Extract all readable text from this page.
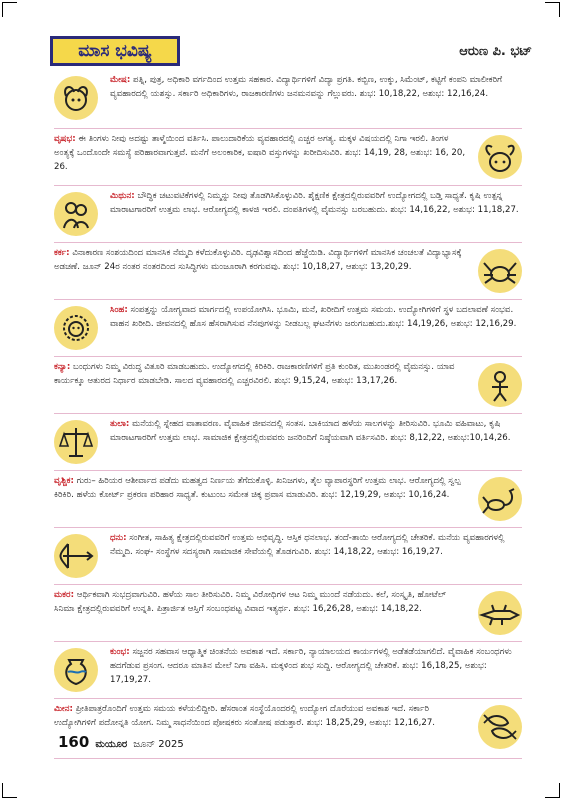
ಮಾಸ ಭವಿಷ್ಯ	ಆರುಣ ಪಿ. ಭಟ್

ಮೇಷ: ಪತ್ನಿ, ಪುತ್ರ, ಅಧಿಕಾರಿ ವರ್ಗದಿಂದ ಉತ್ತಮ ಸಹಕಾರ. ವಿದ್ಯಾರ್ಥಿಗಳಿಗೆ ವಿದ್ಯಾ ಪ್ರಗತಿ. ಕಬ್ಬಿಣ, ಉಕ್ಕು, ಸಿಮೆಂಟ್, ಕಟ್ಟಿಗೆ ಕಂಪನಿ ಮಾಲೀಕರಿಗೆ ವ್ಯವಹಾರದಲ್ಲಿ ಯಶಸ್ಸು. ಸರ್ಕಾರಿ ಅಧಿಕಾರಿಗಳು, ರಾಜಕಾರಣಿಗಳು ಜನಮನವನ್ನು ಗೆಲ್ಲುವರು. ಶುಭ: 10,18,22, ಅಶುಭ: 12,16,24.

ವೃಷಭ: ಈ ತಿಂಗಳು ನೀವು ಅದಷ್ಟು ತಾಳ್ಮೆಯಿಂದ ವರ್ತಿಸಿ. ಪಾಲುದಾರಿಕೆಯ ವ್ಯವಹಾರದಲ್ಲಿ ಎಚ್ಚರ ಅಗತ್ಯ. ಮಕ್ಕಳ ವಿಷಯದಲ್ಲಿ ನಿಗಾ ಇರಲಿ. ತಿಂಗಳ ಅಂತ್ಯಕ್ಕೆ ಒಂದೊಂದೇ ಸಮಸ್ಯೆ ಪರಿಹಾರವಾಗುತ್ತವೆ. ಮನೆಗೆ ಅಲಂಕಾರಿಕ, ಐಷಾರಿ ವಸ್ತುಗಳನ್ನು ಖರೀದಿಸುವಿರಿ. ಶುಭ: 14,19, 28, ಅಶುಭ: 16, 20, 26.

ಮಿಥುನ: ಬೌದ್ಧಿಕ ಚಟುವಟಿಕೆಗಳಲ್ಲಿ ನಿಮ್ಮನ್ನು ನೀವು ತೊಡಗಿಸಿಕೊಳ್ಳುವಿರಿ. ಶೈಕ್ಷಣಿಕ ಕ್ಷೇತ್ರದಲ್ಲಿರುವವರಿಗೆ ಉದ್ಯೋಗದಲ್ಲಿ ಬಡ್ತಿ ಸಾಧ್ಯತೆ. ಕೃಷಿ ಉತ್ಪನ್ನ ಮಾರಾಟಗಾರರಿಗೆ ಉತ್ತಮ ಲಾಭ. ಆರೋಗ್ಯದಲ್ಲಿ ಕಾಳಜಿ ಇರಲಿ. ದಂಪತಿಗಳಲ್ಲಿ ವೈಮನಸ್ಸು ಬರಬಹುದು. ಶುಭ: 14,16,22, ಅಶುಭ: 11,18,27.

ಕರ್ಕ: ವಿನಾಕಾರಣ ಸಂಶಯದಿಂದ ಮಾನಸಿಕ ನೆಮ್ಮದಿ ಕಳೆದುಕೊಳ್ಳುವಿರಿ. ದೃಢವಿಶ್ವಾಸದಿಂದ ಹೆಜ್ಜೆಯಿಡಿ. ವಿದ್ಯಾರ್ಥಿಗಳಿಗೆ ಮಾನಸಿಕ ಚಂಚಲತೆ ವಿದ್ಯಾಭ್ಯಾಸಕ್ಕೆ ಅಡಚಣೆ. ಜೂನ್ 24ರ ನಂತರ ನಂತರದಿಂದ ಸುಸಿದ್ಧಿಗಳು ಮಂಜೂರಾಗಿ ಕರಗುವವು. ಶುಭ: 10,18,27, ಆಶುಭ: 13,20,29.

ಸಿಂಹ: ಸಂಪತ್ತನ್ನು ಯೋಗ್ಯವಾದ ಮಾರ್ಗದಲ್ಲಿ ಉಪಯೋಗಿಸಿ. ಭೂಮಿ, ಮನೆ, ಖರೀದಿಗೆ ಉತ್ತಮ ಸಮಯ. ಉದ್ಯೋಗಿಗಳಿಗೆ ಸ್ಥಳ ಬದಲಾವಣೆ ಸಂಭವ. ವಾಹನ ಖರೀದಿ. ಜೀವನದಲ್ಲಿ ಹೊಸ ಹೆಸರಾಗಿಸುವ ನೆನಪುಗಳನ್ನು ನೀಡಬಲ್ಲ ಘಟನೆಗಳು ಜರುಗಬಹುದು.ಶುಭ: 14,19,26, ಅಶುಭ: 12,16,29.

ಕನ್ಯಾ: ಬಂಧುಗಳು ನಿಮ್ಮ ವಿರುದ್ಧ ವಿತೂರಿ ಮಾಡಬಹುದು. ಉದ್ಯೋಗದಲ್ಲಿ ಕಿರಿಕಿರಿ. ರಾಜಕಾರಣಿಗಳಿಗೆ ಪ್ರತಿ ಕುಂಠಿತ, ಮುಖಂಡರಲ್ಲಿ ವೈಮನಸ್ಸು. ಯಾವ ಕಾರ್ಯಕ್ಕೂ ಆತುರದ ನಿರ್ಧಾರ ಮಾಡಬೇಡಿ. ಸಾಲದ ವ್ಯವಹಾರದಲ್ಲಿ ಎಚ್ಚರವಿರಲಿ. ಶುಭ: 9,15,24, ಅಶುಭ: 13,17,26.

ತುಲಾ: ಮನೆಯಲ್ಲಿ ಸ್ನೇಹದ ವಾತಾವರಣ. ವೈವಾಹಿಕ ಜೀವನದಲ್ಲಿ ಸಂತಸ. ಬಾಕಿಯಾದ ಹಳೆಯ ಸಾಲಗಳನ್ನು ತೀರಿಸುವಿರಿ. ಭೂಮಿ ವಹಿವಾಟು, ಕೃಷಿ ಮಾರಾಟಗಾರರಿಗೆ ಉತ್ತಮ ಲಾಭ. ಸಾಮಾಜಿಕ ಕ್ಷೇತ್ರದಲ್ಲಿರುವವರು ಜನರಿಂದಿಗೆ ನಿಷ್ಠೆಯವಾಗಿ ವರ್ತಿಸವಿರಿ. ಶುಭ: 8,12,22, ಅಶುಭ:10,14,26.

ವೃಶ್ಚಿಕ: ಗುರು– ಹಿರಿಯರ ಆಶೀರ್ವಾದ ಪಡೆದು ಮಹತ್ವದ ನಿರ್ಣಯ ತೆಗೆದುಕೊಳ್ಳಿ. ಖನಿಜಗಳು, ತೈಲ ವ್ಯಾಪಾರಸ್ಥರಿಗೆ ಉತ್ತಮ ಲಾಭ. ಆರೋಗ್ಯದಲ್ಲಿ ಸ್ವಲ್ಪ ಕಿರಿಕಿರಿ. ಹಳೆಯ ಕೋರ್ಟ್ ಪ್ರಕರಣ ಪರಿಹಾರ ಸಾಧ್ಯತೆ. ಕುಟುಂಬ ಸಮೇತ ಚಿಕ್ಕ ಪ್ರವಾಸ ಮಾಡುವಿರಿ. ಶುಭ: 12,19,29, ಅಶುಭ: 10,16,24.

ಧನು: ಸಂಗೀತ, ಸಾಹಿತ್ಯ ಕ್ಷೇತ್ರದಲ್ಲಿರುವವರಿಗೆ ಉತ್ತಮ ಅಭಿವೃದ್ಧಿ. ಆಸ್ತಿಕ ಧನಲಾಭ. ತಂದೆ-ತಾಯಿ ಆರೋಗ್ಯದಲ್ಲಿ ಚೇತರಿಕೆ. ಮನೆಯ ವ್ಯವಹಾರಗಳಲ್ಲಿ ನೆಮ್ಮದಿ. ಸಂಘ- ಸಂಸ್ಥೆಗಳ ಸದಸ್ಯರಾಗಿ ಸಾಮಾಜಿಕ ಸೇವೆಯಲ್ಲಿ ತೊಡಗುವಿರಿ. ಶುಭ: 14,18,22, ಆಶುಭ: 16,19,27.

ಮಕರ: ಆರ್ಥಿಕವಾಗಿ ಸುಭದ್ರವಾಗುವಿರಿ. ಹಳೆಯ ಸಾಲ ತೀರಿಸುವಿರಿ. ನಿಮ್ಮ ವಿರೋಧಿಗಳ ಆಟ ನಿಮ್ಮ ಮುಂದೆ ನಡೆಯದು. ಕಲೆ, ಸಂಸ್ಕೃತಿ, ಹೋಟೆಲ್ ಸಿನಿಮಾ ಕ್ಷೇತ್ರದಲ್ಲಿರುವವರಿಗೆ ಉನ್ನತಿ. ಪಿತ್ರಾರ್ಜಿತ ಆಸ್ತಿಗೆ ಸಂಬಂಧಪಟ್ಟ ವಿವಾದ ಇತ್ಯರ್ಥ. ಶುಭ: 16,26,28, ಅಶುಭ: 14,18,22.

ಕುಂಭ: ಸಜ್ಜನರ ಸಹವಾಸ ಆಧ್ಯಾತ್ಮಿಕ ಚಿಂತನೆಯ ಅವಕಾಶ ಇದೆ. ಸರ್ಕಾರಿ, ನ್ಯಾಯಾಲಯದ ಕಾರ್ಯಗಳಲ್ಲಿ ಅಡೆತಡೆಯಾಗಲಿದೆ. ವೈವಾಹಿಕ ಸಂಬಂಧಗಳು ಹದಗೆಡುವ ಪ್ರಸಂಗ. ಆದರೂ ಮಾತಿನ ಮೇಲೆ ನಿಗಾ ವಹಿಸಿ. ಮಕ್ಕಳಿಂದ ಶುಭ ಸುದ್ದಿ. ಆರೋಗ್ಯದಲ್ಲಿ ಚೇತರಿಕೆ. ಶುಭ: 16,18,25, ಅಶುಭ: 17,19,27.

ಮೀನ: ಪ್ರೀತಿಪಾತ್ರರೊಂದಿಗೆ ಉತ್ತಮ ಸಮಯ ಕಳೆಯಲಿದ್ದೀರಿ. ಹೆಸರಾಂತ ಸಂಸ್ಥೆಯೊಂದರಲ್ಲಿ ಉದ್ಯೋಗ ದೊರೆಯುವ ಅವಕಾಶ ಇದೆ. ಸರ್ಕಾರಿ ಉದ್ಯೋಗಿಗಳಿಗೆ ಪದೋನ್ನತಿ ಯೋಗ. ನಿಮ್ಮ ಸಾಧನೆಯಿಂದ ಪೋಷಕರು ಸಂತೋಷ ಪಡುತ್ತಾರೆ. ಶುಭ: 18,25,29, ಅಶುಭ: 12,16,27.

160 ಮಯೂರ ಜೂನ್ 2025
